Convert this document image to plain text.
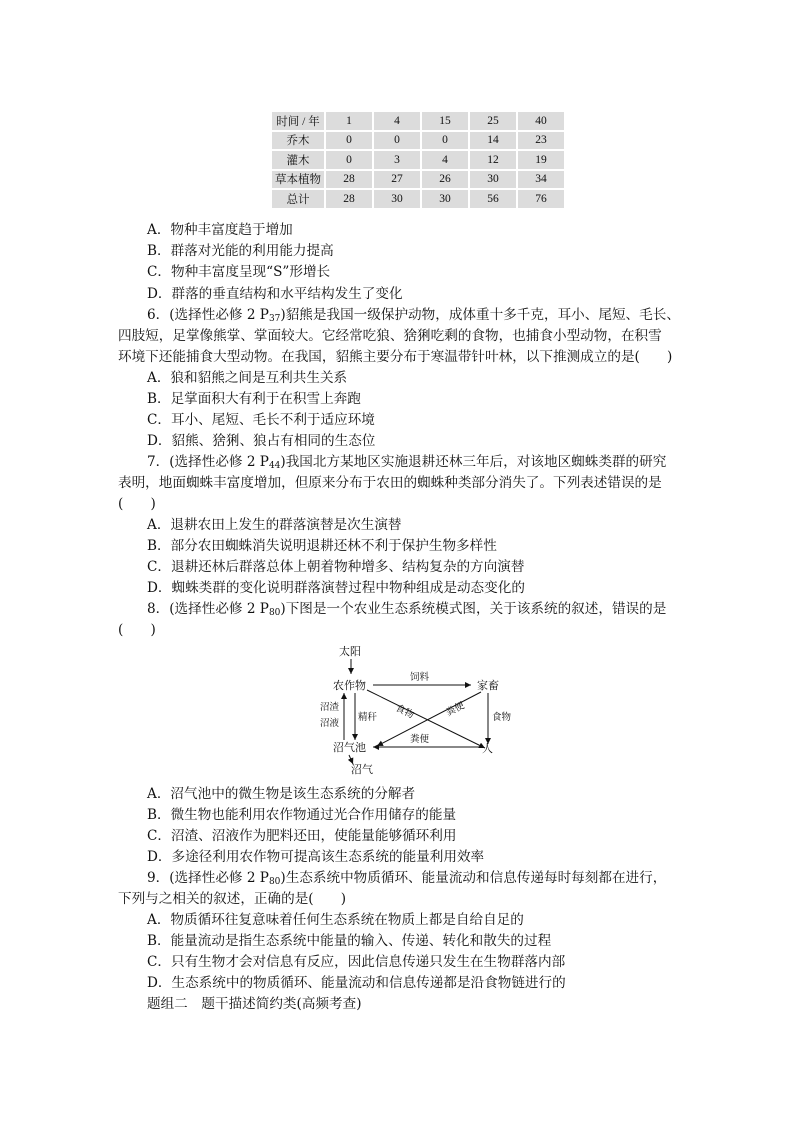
时间 / 年	1	4	15	25	40
乔木	0	0	0	14	23
灌木	0	3	4	12	19
草本植物	28	27	26	30	34
总计	28	30	30	56	76
A．物种丰富度趋于增加
B．群落对光能的利用能力提高
C．物种丰富度呈现“S”形增长
D．群落的垂直结构和水平结构发生了变化
6．(选择性必修 2 $P_{37}$)貂熊是我国一级保护动物，成体重十多千克，耳小、尾短、毛长、
四肢短，足掌像熊掌、掌面较大。它经常吃狼、猞猁吃剩的食物，也捕食小型动物，在积雪
环境下还能捕食大型动物。在我国，貂熊主要分布于寒温带针叶林，以下推测成立的是(　　)
A．狼和貂熊之间是互利共生关系
B．足掌面积大有利于在积雪上奔跑
C．耳小、尾短、毛长不利于适应环境
D．貂熊、猞猁、狼占有相同的生态位
7．(选择性必修 2 $P_{44}$)我国北方某地区实施退耕还林三年后，对该地区蜘蛛类群的研究
表明，地面蜘蛛丰富度增加，但原来分布于农田的蜘蛛种类部分消失了。下列表述错误的是
(　　)
A．退耕农田上发生的群落演替是次生演替
B．部分农田蜘蛛消失说明退耕还林不利于保护生物多样性
C．退耕还林后群落总体上朝着物种增多、结构复杂的方向演替
D．蜘蛛类群的变化说明群落演替过程中物种组成是动态变化的
8．(选择性必修 2 $P_{80}$)下图是一个农业生态系统模式图，关于该系统的叙述，错误的是
(　　)
太阳
农作物	家畜
饲料
食物	粪便	食物
精秆
沼渣
沼液
沼气池	人
粪便
沼气
A．沼气池中的微生物是该生态系统的分解者
B．微生物也能利用农作物通过光合作用储存的能量
C．沼渣、沼液作为肥料还田，使能量能够循环利用
D．多途径利用农作物可提高该生态系统的能量利用效率
9．(选择性必修 2 $P_{80}$)生态系统中物质循环、能量流动和信息传递每时每刻都在进行，
下列与之相关的叙述，正确的是(　　)
A．物质循环往复意味着任何生态系统在物质上都是自给自足的
B．能量流动是指生态系统中能量的输入、传递、转化和散失的过程
C．只有生物才会对信息有反应，因此信息传递只发生在生物群落内部
D．生态系统中的物质循环、能量流动和信息传递都是沿食物链进行的
题组二　题干描述简约类(高频考查)
